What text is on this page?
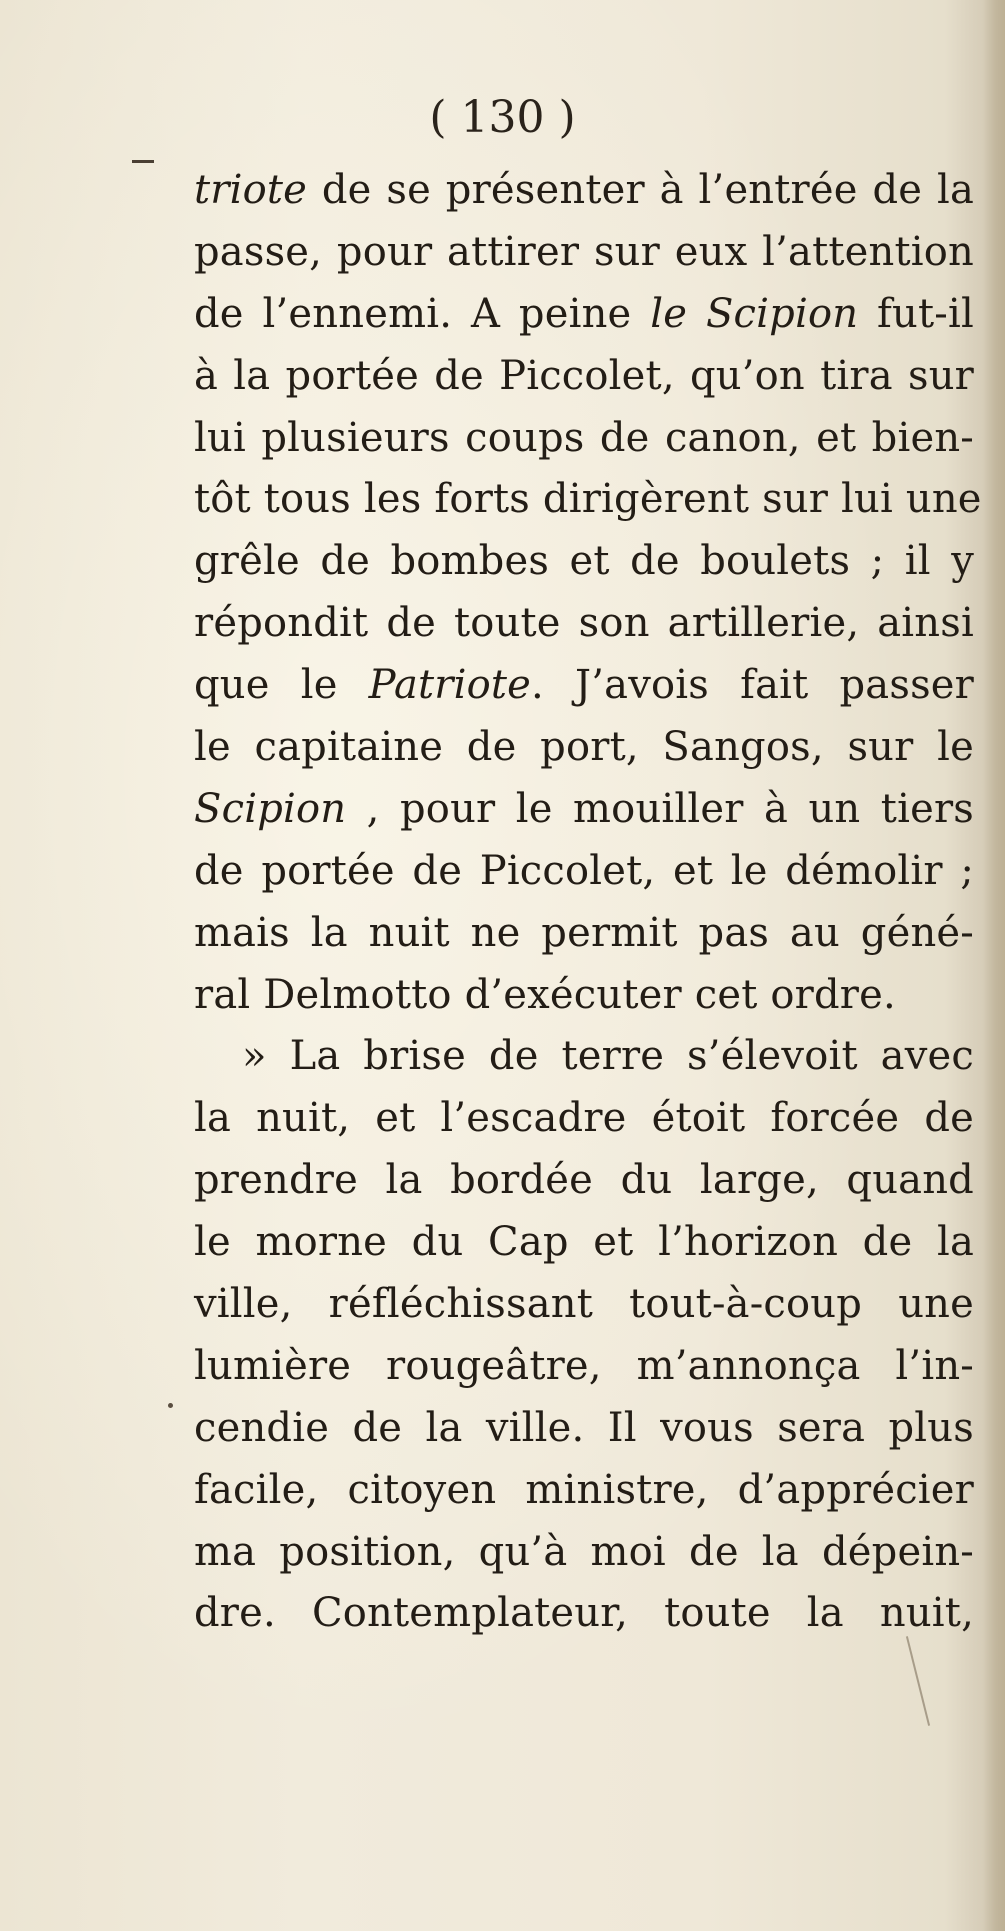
( 130 )

triote de se présenter à l’entrée de la
passe, pour attirer sur eux l’attention
de l’ennemi. A peine le Scipion fut-il
à la portée de Piccolet, qu’on tira sur
lui plusieurs coups de canon, et bien-
tôt tous les forts dirigèrent sur lui une
grêle de bombes et de boulets ; il y
répondit de toute son artillerie, ainsi
que le Patriote. J’avois fait passer
le capitaine de port, Sangos, sur le
Scipion , pour le mouiller à un tiers
de portée de Piccolet, et le démolir ;
mais la nuit ne permit pas au géné-
ral Delmotto d’exécuter cet ordre.
» La brise de terre s’élevoit avec
la nuit, et l’escadre étoit forcée de
prendre la bordée du large, quand
le morne du Cap et l’horizon de la
ville, réfléchissant tout-à-coup une
lumière rougeâtre, m’annonça l’in-
cendie de la ville. Il vous sera plus
facile, citoyen ministre, d’apprécier
ma position, qu’à moi de la dépein-
dre. Contemplateur, toute la nuit,
